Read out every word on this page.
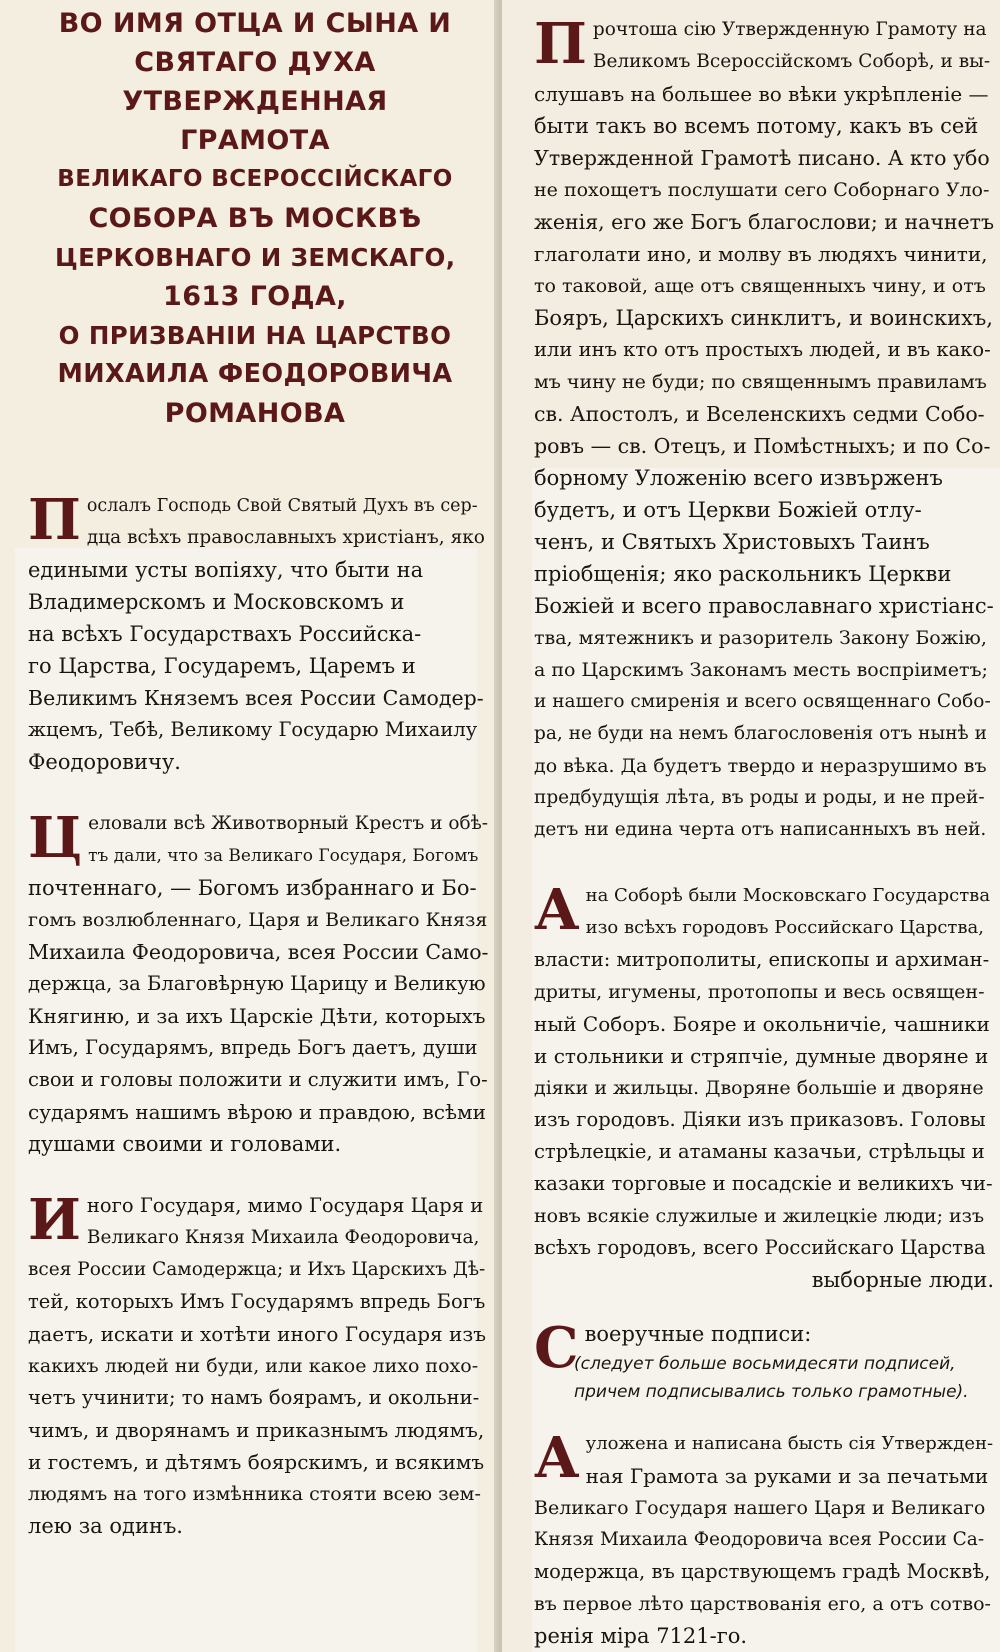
ВО ИМЯ ОТЦА И СЫНА И
СВЯТАГО ДУХА
УТВЕРЖДЕННАЯ
ГРАМОТА
ВЕЛИКАГО ВСЕРОССІЙСКАГО
СОБОРА ВЪ МОСКВѢ
ЦЕРКОВНАГО И ЗЕМСКАГО,
1613 ГОДА,
О ПРИЗВАНІИ НА ЦАРСТВО
МИХАИЛА ФЕОДОРОВИЧА
РОМАНОВА
П ослалъ Господь Свой Святый Духъ въ сер-
дца всѣхъ православныхъ христіанъ, яко
едиными усты вопіяху, что быти на
Владимерскомъ и Московскомъ и
на всѣхъ Государствахъ Российска-
го Царства, Государемъ, Царемъ и
Великимъ Княземъ всея России Самодер-
жцемъ, Тебѣ, Великому Государю Михаилу
Феодоровичу.
Ц еловали всѣ Животворный Крестъ и обѣ-
тъ дали, что за Великаго Государя, Богомъ
почтеннаго, — Богомъ избраннаго и Бо-
гомъ возлюбленнаго, Царя и Великаго Князя
Михаила Феодоровича, всея России Само-
держца, за Благовѣрную Царицу и Великую
Княгиню, и за ихъ Царскіе Дѣти, которыхъ
Имъ, Государямъ, впредь Богъ даетъ, души
свои и головы положити и служити имъ, Го-
сударямъ нашимъ вѣрою и правдою, всѣми
душами своими и головами.
И ного Государя, мимо Государя Царя и
Великаго Князя Михаила Феодоровича,
всея России Самодержца; и Ихъ Царскихъ Дѣ-
тей, которыхъ Имъ Государямъ впредь Богъ
даетъ, искати и хотѣти иного Государя изъ
какихъ людей ни буди, или какое лихо похо-
четъ учинити; то намъ боярамъ, и окольни-
чимъ, и дворянамъ и приказнымъ людямъ,
и гостемъ, и дѣтямъ боярскимъ, и всякимъ
людямъ на того измѣнника стояти всею зем-
лею за одинъ.
П рочтоша сію Утвержденную Грамоту на
Великомъ Всероссійскомъ Соборѣ, и вы-
слушавъ на большее во вѣки укрѣпленіе —
быти такъ во всемъ потому, какъ въ сей
Утвержденной Грамотѣ писано. А кто убо
не похощетъ послушати сего Соборнаго Уло-
женія, его же Богъ благослови; и начнетъ
глаголати ино, и молву въ людяхъ чинити,
то таковой, аще отъ священныхъ чину, и отъ
Бояръ, Царскихъ синклитъ, и воинскихъ,
или инъ кто отъ простыхъ людей, и въ како-
мъ чину не буди; по священнымъ правиламъ
св. Апостолъ, и Вселенскихъ седми Собо-
ровъ — св. Отецъ, и Помѣстныхъ; и по Со-
борному Уложенію всего извърженъ
будетъ, и отъ Церкви Божіей отлу-
ченъ, и Святыхъ Христовыхъ Таинъ
пріобщенія; яко раскольникъ Церкви
Божіей и всего православнаго христіанс-
тва, мятежникъ и разоритель Закону Божію,
а по Царскимъ Законамъ месть воспріиметъ;
и нашего смиренія и всего освященнаго Собо-
ра, не буди на немъ благословенія отъ нынѣ и
до вѣка. Да будетъ твердо и неразрушимо въ
предбудущія лѣта, въ роды и роды, и не прей-
детъ ни едина черта отъ написанныхъ въ ней.
А на Соборѣ были Московскаго Государства
изо всѣхъ городовъ Российскаго Царства,
власти: митрополиты, епископы и архиман-
дриты, игумены, протопопы и весь освящен-
ный Соборъ. Бояре и окольничіе, чашники
и стольники и стряпчіе, думные дворяне и
діяки и жильцы. Дворяне большіе и дворяне
изъ городовъ. Діяки изъ приказовъ. Головы
стрѣлецкіе, и атаманы казачьи, стрѣльцы и
казаки торговые и посадскіе и великихъ чи-
новъ всякіе служилые и жилецкіе люди; изъ
всѣхъ городовъ, всего Российскаго Царства
выборные люди.
С воеручные подписи:
(следует больше восьмидесяти подписей,
причем подписывались только грамотные).
А уложена и написана бысть сія Утвержден-
ная Грамота за руками и за печатьми
Великаго Государя нашего Царя и Великаго
Князя Михаила Феодоровича всея России Са-
модержца, въ царствующемъ градѣ Москвѣ,
въ первое лѣто царствованія его, а отъ сотво-
ренія міра 7121-го.
